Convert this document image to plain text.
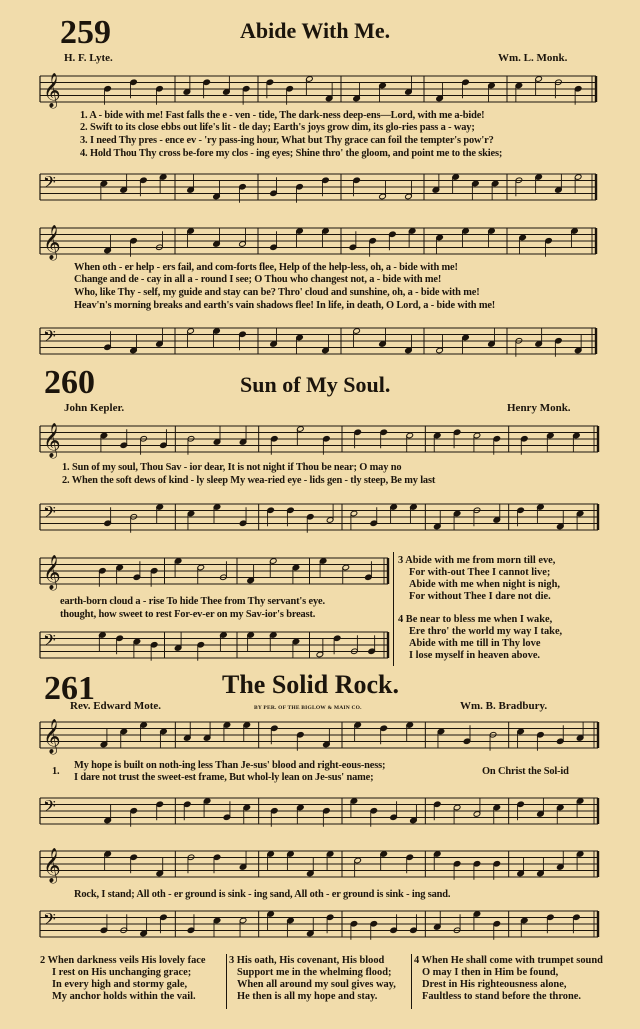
259	Abide With Me.
H. F. Lyte.	Wm. L. Monk.
𝄞
1. A - bide with me! Fast falls the e - ven - tide, The dark-ness deep-ens—Lord, with me a-bide!
2. Swift to its close ebbs out life's lit - tle day; Earth's joys grow dim, its glo-ries pass a - way;
3. I need Thy pres - ence ev - 'ry pass-ing hour, What but Thy grace can foil the tempter's pow'r?
4. Hold Thou Thy cross be-fore my clos - ing eyes; Shine thro' the gloom, and point me to the skies;
𝄢
𝄞
When oth - er help - ers fail, and com-forts flee, Help of the help-less, oh, a - bide with me!
Change and de - cay in all a - round I see; O Thou who changest not, a - bide with me!
Who, like Thy - self, my guide and stay can be? Thro' cloud and sunshine, oh, a - bide with me!
Heav'n's morning breaks and earth's vain shadows flee! In life, in death, O Lord, a - bide with me!
𝄢
260	Sun of My Soul.
John Kepler.	Henry Monk.
𝄞
1. Sun of my soul, Thou Sav - ior dear, It is not night if Thou be near; O may no
2. When the soft dews of kind - ly sleep My wea-ried eye - lids gen - tly steep, Be my last
𝄢
𝄞
earth-born cloud a - rise To hide Thee from Thy servant's eye.
thought, how sweet to rest For-ev-er on my Sav-ior's breast.
𝄢
3 Abide with me from morn till eve,
For with-out Thee I cannot live;
Abide with me when night is nigh,
For without Thee I dare not die.
4 Be near to bless me when I wake,
Ere thro' the world my way I take,
Abide with me till in Thy love
I lose myself in heaven above.
261	The Solid Rock.
Rev. Edward Mote.	BY PER. OF THE BIGLOW & MAIN CO.	Wm. B. Bradbury.
𝄞
1.
My hope is built on noth-ing less Than Je-sus' blood and right-eous-ness;
I dare not trust the sweet-est frame, But whol-ly lean on Je-sus' name;
On Christ the Sol-id
𝄢
𝄞
Rock, I stand; All oth - er ground is sink - ing sand, All oth - er ground is sink - ing sand.
𝄢
2 When darkness veils His lovely face
I rest on His unchanging grace;
In every high and stormy gale,
My anchor holds within the vail.
3 His oath, His covenant, His blood
Support me in the whelming flood;
When all around my soul gives way,
He then is all my hope and stay.
4 When He shall come with trumpet sound
O may I then in Him be found,
Drest in His righteousness alone,
Faultless to stand before the throne.
